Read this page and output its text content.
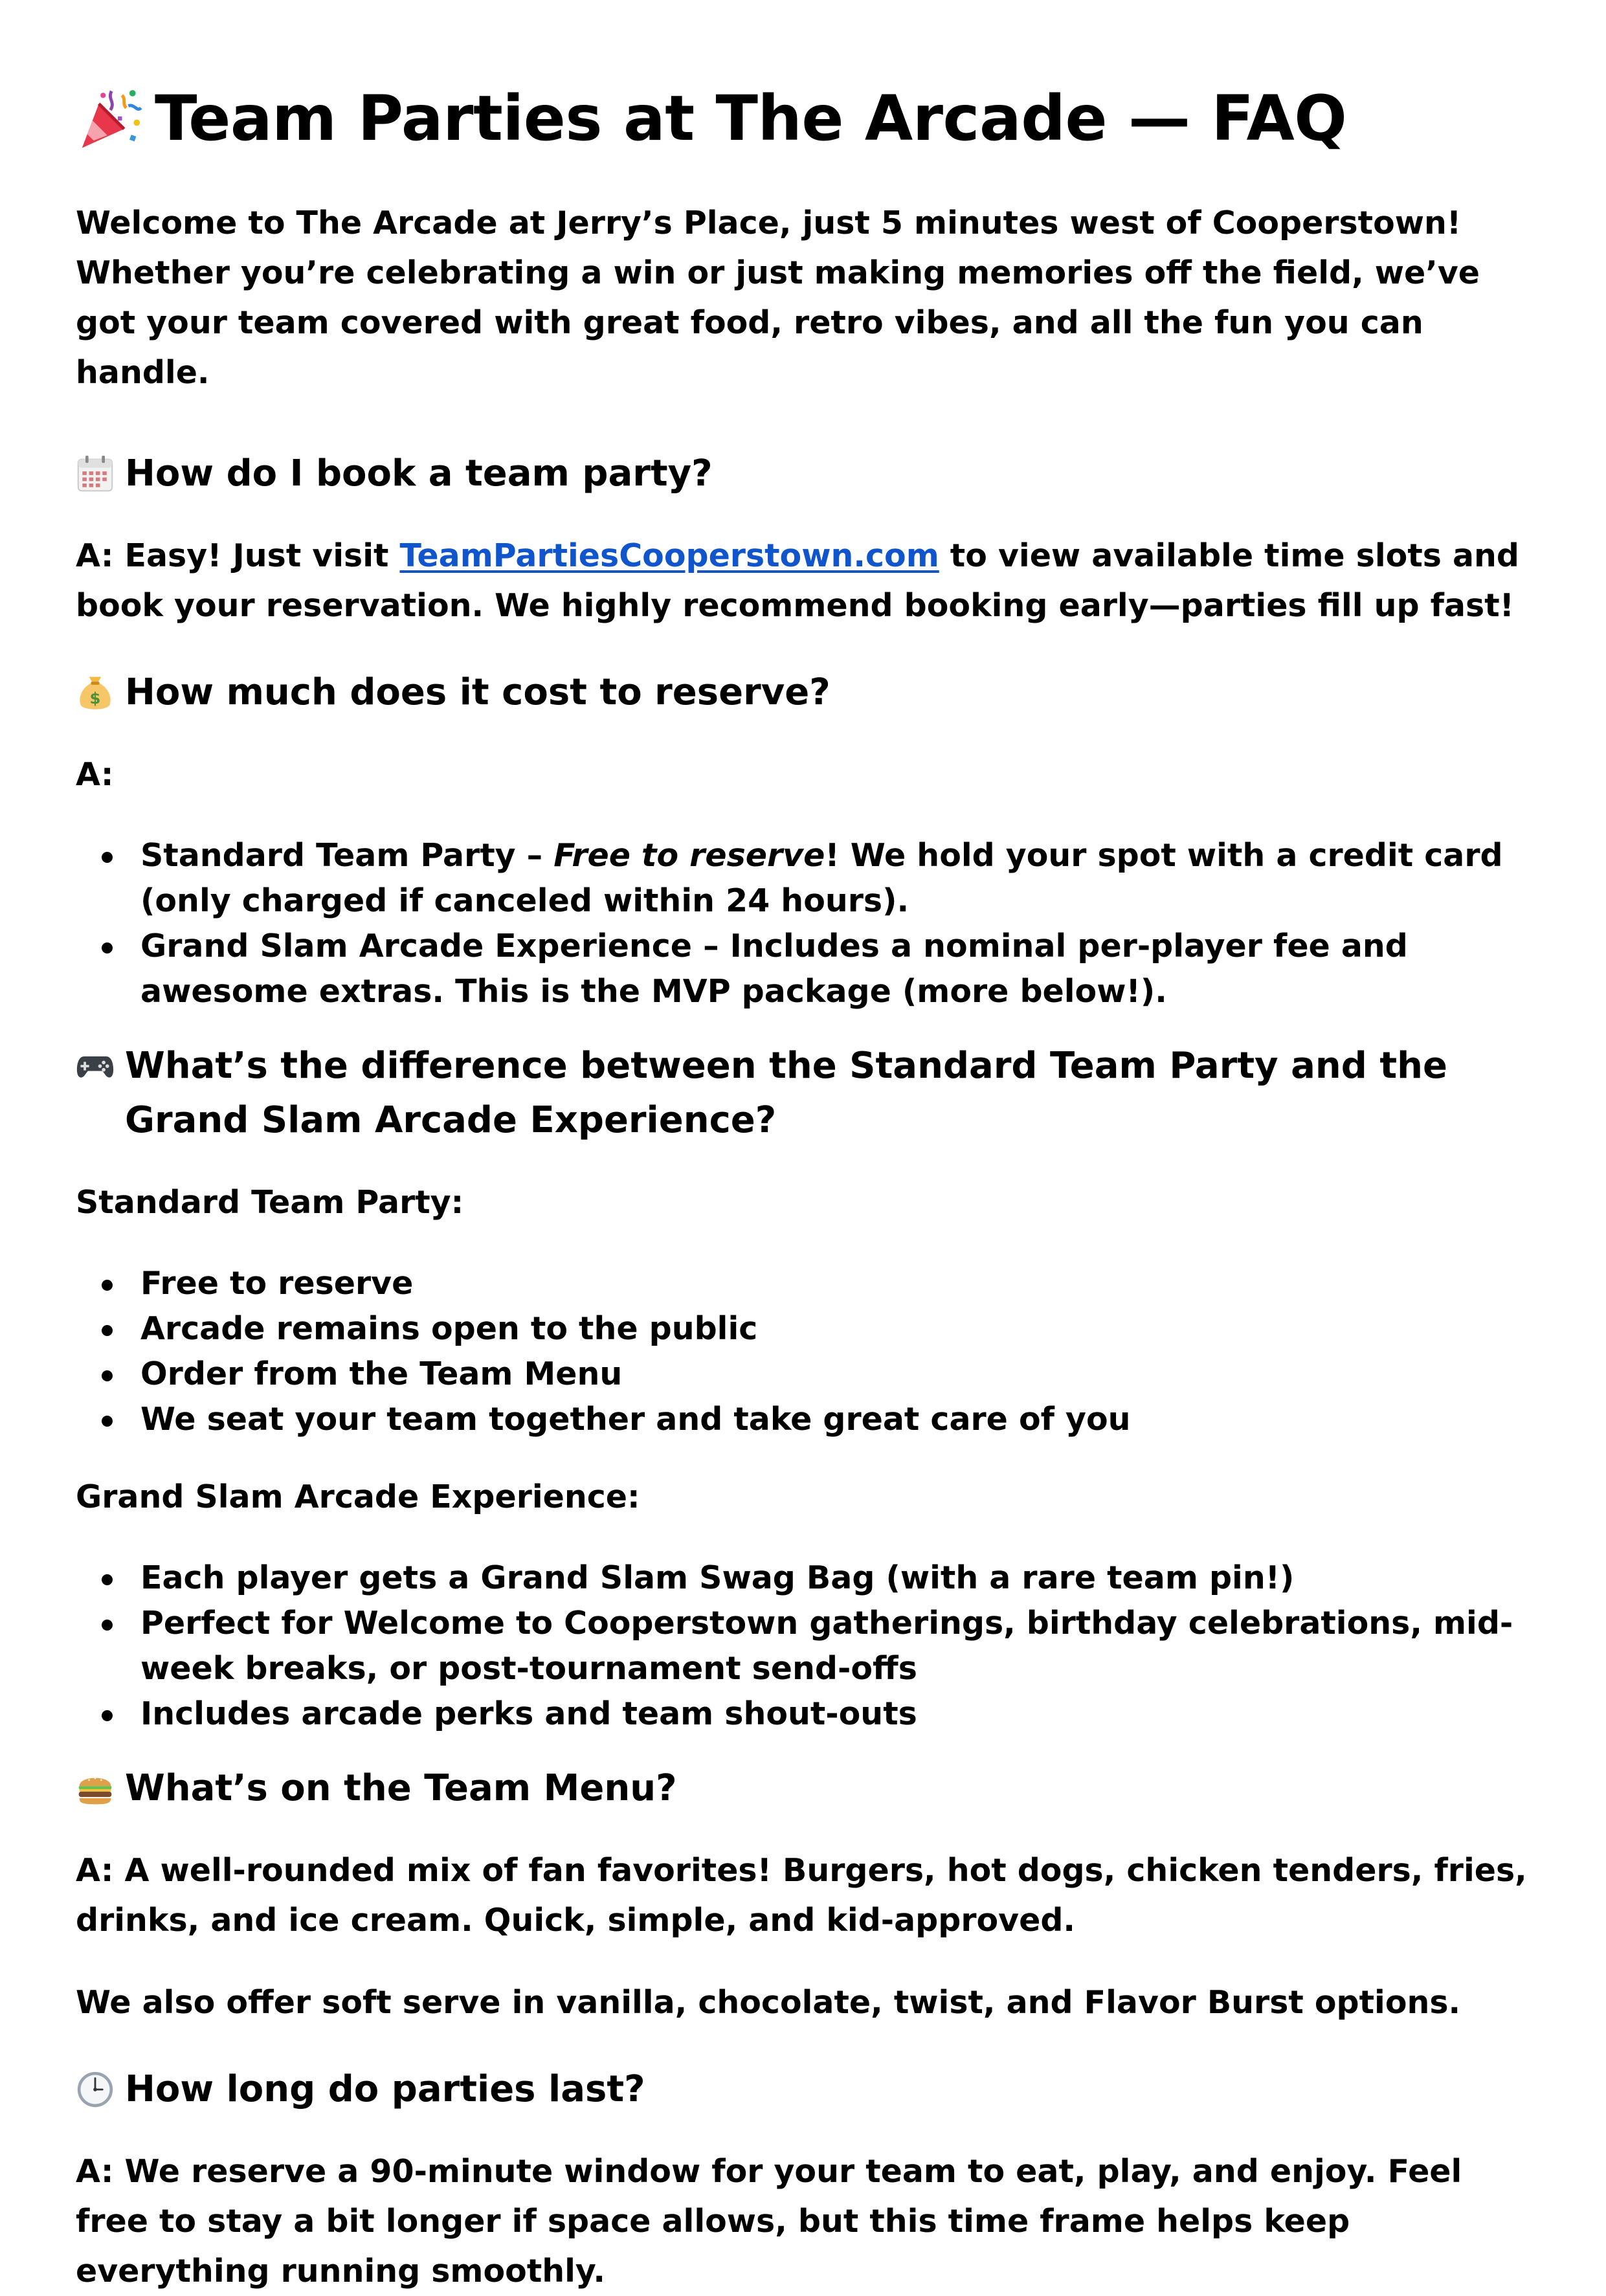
Team Parties at The Arcade — FAQ

Welcome to The Arcade at Jerry’s Place, just 5 minutes west of Cooperstown! Whether you’re celebrating a win or just making memories off the field, we’ve got your team covered with great food, retro vibes, and all the fun you can handle.

How do I book a team party?

A: Easy! Just visit TeamPartiesCooperstown.com to view available time slots and book your reservation. We highly recommend booking early—parties fill up fast!

$ How much does it cost to reserve?

A:

Standard Team Party – Free to reserve! We hold your spot with a credit card (only charged if canceled within 24 hours).
Grand Slam Arcade Experience – Includes a nominal per-player fee and awesome extras. This is the MVP package (more below!).
What’s the difference between the Standard Team Party and the Grand Slam Arcade Experience?

Standard Team Party:

Free to reserve
Arcade remains open to the public
Order from the Team Menu
We seat your team together and take great care of you

Grand Slam Arcade Experience:

Each player gets a Grand Slam Swag Bag (with a rare team pin!)
Perfect for Welcome to Cooperstown gatherings, birthday celebrations, mid-week breaks, or post-tournament send-offs
Includes arcade perks and team shout-outs
What’s on the Team Menu?

A: A well-rounded mix of fan favorites! Burgers, hot dogs, chicken tenders, fries, drinks, and ice cream. Quick, simple, and kid-approved.

We also offer soft serve in vanilla, chocolate, twist, and Flavor Burst options.

How long do parties last?

A: We reserve a 90-minute window for your team to eat, play, and enjoy. Feel free to stay a bit longer if space allows, but this time frame helps keep everything running smoothly.
